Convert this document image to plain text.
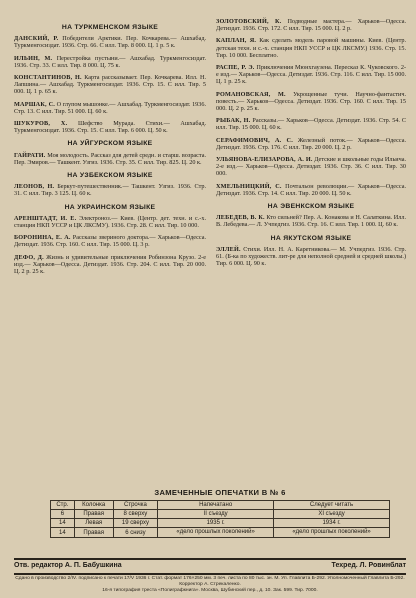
НА ТУРКМЕНСКОМ ЯЗЫКЕ
ДАНСКИЙ, Р. Победители Арктики. Пер. Кочкарева.— Ашхабад. Туркменгосиздат. 1936. Стр. 66. С илл. Тир. 8 000. Ц. 1 р. 5 к.
ИЛЬИН, М. Перестройка пустыни.— Ашхабад. Туркменгосиздат. 1936. Стр. 33. С илл. Тир. 8 000. Ц. 75 к.
КОНСТАНТИНОВ, Н. Карта рассказывает. Пер. Кочкарева. Илл. Н. Лапшина.— Ашхабад. Туркменгосиздат. 1936. Стр. 15. С илл. Тир. 5 000. Ц. 1 р. 65 к.
МАРШАК, С. О глупом мышонке.— Ашхабад. Туркменгосиздат. 1936. Стр. 13. С илл. Тир. 51 000. Ц. 60 к.
ШУКУРОВ, Х. Шефство Мурада. Стихи.— Ашхабад. Туркменгосиздат. 1936. Стр. 15. С илл. Тир. 6 000. Ц. 50 к.
НА УЙГУРСКОМ ЯЗЫКЕ
ГАЙРАТИ. Моя молодость. Рассказ для детей средн. и старш. возраста. Пер. Эмиров.— Ташкент. Узгиз. 1936. Стр. 35. С илл. Тир. 825. Ц. 20 к.
НА УЗБЕКСКОМ ЯЗЫКЕ
ЛЕОНОВ, Н. Беркут-путешественник.— Ташкент. Узгиз. 1936. Стр. 31. С илл. Тир. 3 125. Ц. 60 к.
НА УКРАИНСКОМ ЯЗЫКЕ
АРЕНШТАДТ, И. Е. Электроноз.— Киев. (Центр. дет. техн. и с.-х. станция НКП УССР и ЦК ЛКСМУ). 1936. Стр. 28. С илл. Тир. 10 000.
БОРОНИНА, Е. А. Рассказы звериного доктора.— Харьков—Одесса. Детиздат. 1936. Стр. 160. С илл. Тир. 15 000. Ц. 3 р.
ДЕФО, Д. Жизнь и удивительные приключения Робинзона Крузо. 2-е изд.— Харьков—Одесса. Детиздат. 1936. Стр. 204. С илл. Тир. 20 000. Ц. 2 р. 25 к.
ЗОЛОТОВСКИЙ, К. Подводные мастера.— Харьков—Одесса. Детиздат. 1936. Стр. 172. С илл. Тир. 15 000. Ц. 2 р.
КАПЛАН, Я. Как сделать модель паровой машины. Киев. (Центр. детская техн. и с.-х. станция НКП УССР и ЦК ЛКСМУ.) 1936. Стр. 15. Тир. 10 000. Бесплатно.
РАСПЕ, Р. Э. Приключения Мюнхгаузена. Пересказ К. Чуковского. 2-е изд.— Харьков—Одесса. Детиздат. 1936. Стр. 116. С илл. Тир. 15 000. Ц. 1 р. 25 к.
РОМАНОВСКАЯ, М. Укрощенные тучи. Научно-фантастич. повесть.— Харьков—Одесса. Детиздат. 1936. Стр. 160. С илл. Тир. 15 000. Ц. 2 р. 25 к.
РЫБАК, Н. Рассказы.— Харьков—Одесса. Детиздат. 1936. Стр. 54. С илл. Тир. 15 000. Ц. 60 к.
СЕРАФИМОВИЧ, А. С. Железный поток.— Харьков—Одесса. Детиздат. 1936. Стр. 176. С илл. Тир. 20 000. Ц. 2 р.
УЛЬЯНОВА-ЕЛИЗАРОВА, А. И. Детские и школьные годы Ильича. 2-е изд.— Харьков—Одесса. Детиздат. 1936. Стр. 36. С илл. Тир. 30 000.
ХМЕЛЬНИЦКИЙ, С. Почтальон революции.— Харьков—Одесса. Детиздат. 1936. Стр. 14. С илл. Тир. 20 000. Ц. 50 к.
НА ЭВЕНКСКОМ ЯЗЫКЕ
ЛЕБЕДЕВ, В. К. Кто сильней? Пер. А. Конакова и Н. Салаткина. Илл. В. Лебедева.— Л. Учпедгиз. 1936. Стр. 16. С илл. Тир. 1 000. Ц. 60 к.
НА ЯКУТСКОМ ЯЗЫКЕ
ЭЛЛЕЙ. Стихи. Илл. Н. А. Каретникова.— М. Учпедгиз. 1936. Стр. 61. (Б-ка по художеств. лит-ре для неполной средней и средней школы.) Тир. 6 000. Ц. 90 к.
ЗАМЕЧЕННЫЕ ОПЕЧАТКИ В № 6
Стр.	Колонка	Строчка	Напечатано	Следует читать
6	Правая	8 сверху	II съезду	XI съезду
14	Левая	19 сверху	1935 г.	1934 г.
14	Правая	6 снизу	«дело прошлых поколений»	«дело прошлых поколений»
Отв. редактор А. П. Бабушкина	Техред. Л. Ровинблат
Сдано в производство 2/IV. подписано к печати 17/V 1936 г. Стат. формат 176×250 мм. 3 печ. листа по 80 тыс. зн. М. Уп. Главлита Б-292. Уполномоченный Главлита Б-292. Корректор А. Стрекаленко.
16-я типография треста «Полиграфкнига». Москва, Шубинский пер., д. 10. Зак. 599. Тир. 7000.
